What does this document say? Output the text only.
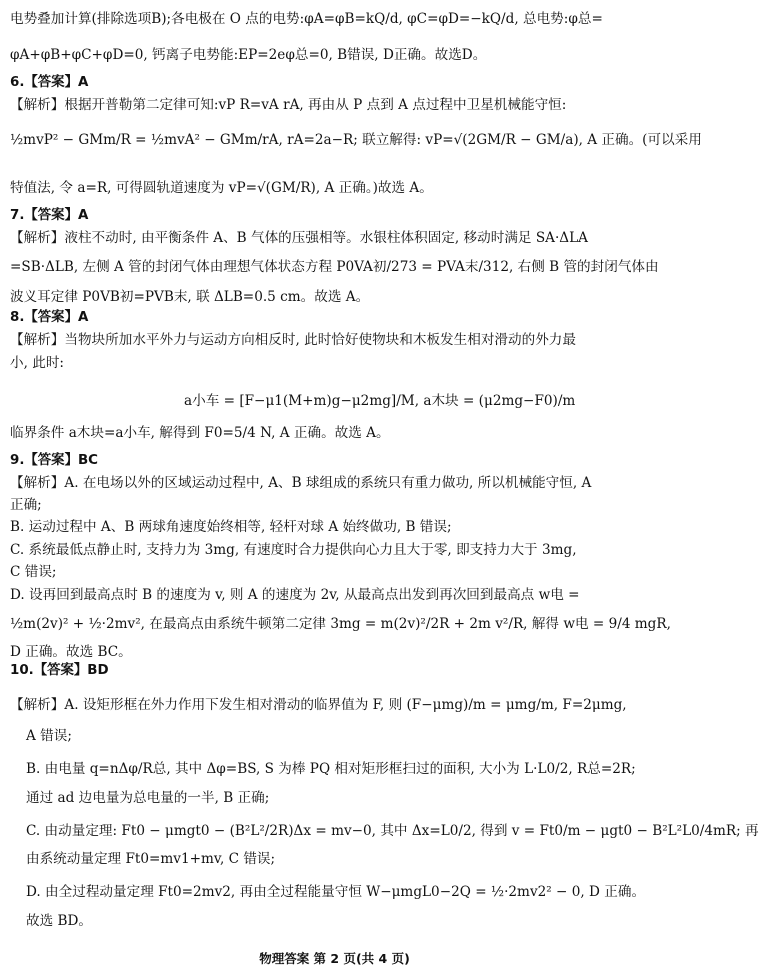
电势叠加计算(排除选项B);各电极在 O 点的电势:φA=φB=kQ/d, φC=φD=−kQ/d, 总电势:φ总=
φA+φB+φC+φD=0, 钙离子电势能:EP=2eφ总=0, B错误, D正确。故选D。
6.【答案】A
【解析】根据开普勒第二定律可知:vP R=vA rA, 再由从 P 点到 A 点过程中卫星机械能守恒:
½mvP² − GMm/R = ½mvA² − GMm/rA, rA=2a−R; 联立解得: vP=√(2GM/R − GM/a), A 正确。(可以采用
特值法, 令 a=R, 可得圆轨道速度为 vP=√(GM/R), A 正确。)故选 A。
7.【答案】A
【解析】液柱不动时, 由平衡条件 A、B 气体的压强相等。水银柱体积固定, 移动时满足 SA·ΔLA
=SB·ΔLB, 左侧 A 管的封闭气体由理想气体状态方程 P0VA初/273 = PVA末/312, 右侧 B 管的封闭气体由
波义耳定律 P0VB初=PVB末, 联 ΔLB=0.5 cm。故选 A。
8.【答案】A
【解析】当物块所加水平外力与运动方向相反时, 此时恰好使物块和木板发生相对滑动的外力最
小, 此时:
a小车 = [F−μ1(M+m)g−μ2mg]/M, a木块 = (μ2mg−F0)/m
临界条件 a木块=a小车, 解得到 F0=5/4 N, A 正确。故选 A。
9.【答案】BC
【解析】A. 在电场以外的区域运动过程中, A、B 球组成的系统只有重力做功, 所以机械能守恒, A
正确;
B. 运动过程中 A、B 两球角速度始终相等, 轻杆对球 A 始终做功, B 错误;
C. 系统最低点静止时, 支持力为 3mg, 有速度时合力提供向心力且大于零, 即支持力大于 3mg,
C 错误;
D. 设再回到最高点时 B 的速度为 v, 则 A 的速度为 2v, 从最高点出发到再次回到最高点 w电 =
½m(2v)² + ½·2mv², 在最高点由系统牛顿第二定律 3mg = m(2v)²/2R + 2m v²/R, 解得 w电 = 9/4 mgR,
D 正确。故选 BC。
10.【答案】BD
【解析】A. 设矩形框在外力作用下发生相对滑动的临界值为 F, 则 (F−μmg)/m = μmg/m, F=2μmg,
A 错误;
B. 由电量 q=nΔφ/R总, 其中 Δφ=BS, S 为棒 PQ 相对矩形框扫过的面积, 大小为 L·L0/2, R总=2R;
通过 ad 边电量为总电量的一半, B 正确;
C. 由动量定理: Ft0 − μmgt0 − (B²L²/2R)Δx = mv−0, 其中 Δx=L0/2, 得到 v = Ft0/m − μgt0 − B²L²L0/4mR; 再
由系统动量定理 Ft0=mv1+mv, C 错误;
D. 由全过程动量定理 Ft0=2mv2, 再由全过程能量守恒 W−μmgL0−2Q = ½·2mv2² − 0, D 正确。
故选 BD。
物理答案 第 2 页(共 4 页)
